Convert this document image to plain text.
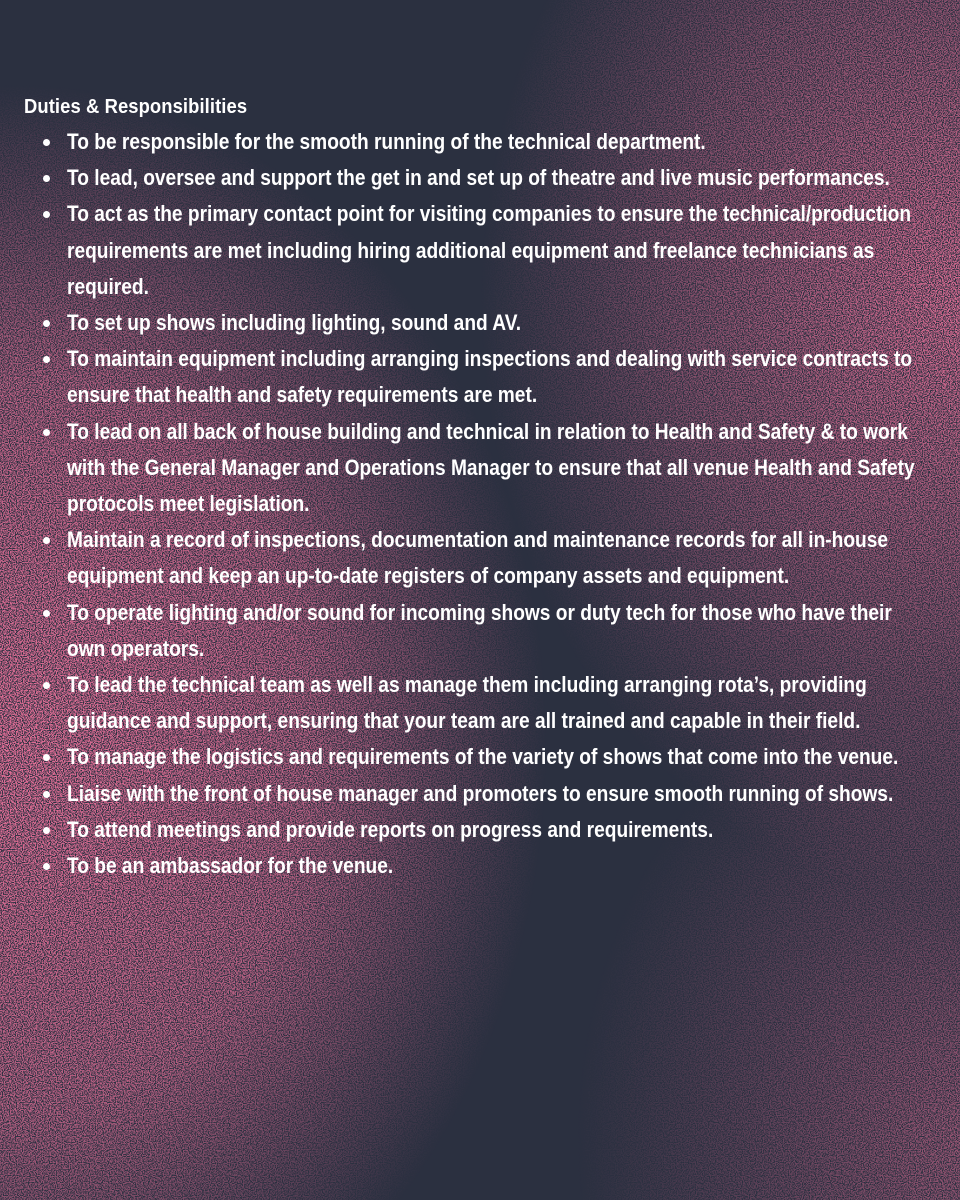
Duties & Responsibilities
To be responsible for the smooth running of the technical department.
To lead, oversee and support the get in and set up of theatre and live music performances.
To act as the primary contact point for visiting companies to ensure the technical/production requirements are met including hiring additional equipment and freelance technicians as required.
To set up shows including lighting, sound and AV.
To maintain equipment including arranging inspections and dealing with service contracts to ensure that health and safety requirements are met.
To lead on all back of house building and technical in relation to Health and Safety & to work with the General Manager and Operations Manager to ensure that all venue Health and Safety protocols meet legislation.
Maintain a record of inspections, documentation and maintenance records for all in-house equipment and keep an up-to-date registers of company assets and equipment.
To operate lighting and/or sound for incoming shows or duty tech for those who have their own operators.
To lead the technical team as well as manage them including arranging rota’s, providing guidance and support, ensuring that your team are all trained and capable in their field.
To manage the logistics and requirements of the variety of shows that come into the venue.
Liaise with the front of house manager and promoters to ensure smooth running of shows.
To attend meetings and provide reports on progress and requirements.
To be an ambassador for the venue.
